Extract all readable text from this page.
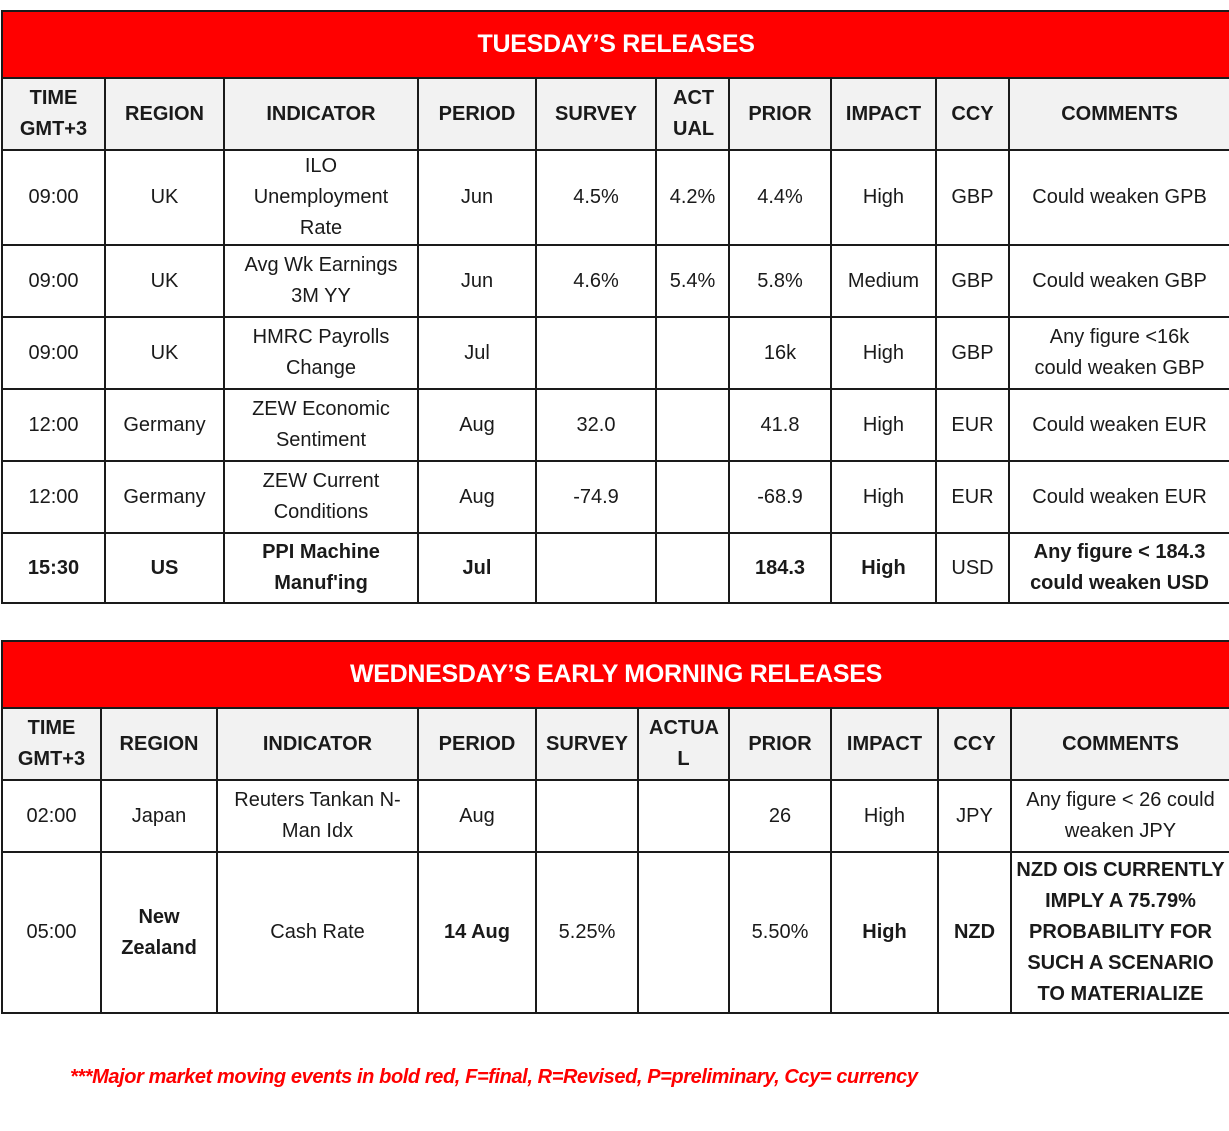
TUESDAY’S RELEASES									
TIME GMT+3	REGION	INDICATOR	PERIOD	SURVEY	ACT UAL	PRIOR	IMPACT	CCY	COMMENTS
09:00	UK	ILO Unemployment Rate	Jun	4.5%	4.2%	4.4%	High	GBP	Could weaken GPB
09:00	UK	Avg Wk Earnings 3M YY	Jun	4.6%	5.4%	5.8%	Medium	GBP	Could weaken GBP
09:00	UK	HMRC Payrolls Change	Jul			16k	High	GBP	Any figure <16k could weaken GBP
12:00	Germany	ZEW Economic Sentiment	Aug	32.0		41.8	High	EUR	Could weaken EUR
12:00	Germany	ZEW Current Conditions	Aug	-74.9		-68.9	High	EUR	Could weaken EUR
15:30	US	PPI Machine Manuf'ing	Jul			184.3	High	USD	Any figure < 184.3 could weaken USD
WEDNESDAY’S EARLY MORNING RELEASES									
TIME GMT+3	REGION	INDICATOR	PERIOD	SURVEY	ACTUA L	PRIOR	IMPACT	CCY	COMMENTS
02:00	Japan	Reuters Tankan N-Man Idx	Aug			26	High	JPY	Any figure < 26 could weaken JPY
05:00	New Zealand	Cash Rate	14 Aug	5.25%		5.50%	High	NZD	NZD OIS CURRENTLY IMPLY A 75.79% PROBABILITY FOR SUCH A SCENARIO TO MATERIALIZE
***Major market moving events in bold red, F=final, R=Revised, P=preliminary, Ccy= currency
